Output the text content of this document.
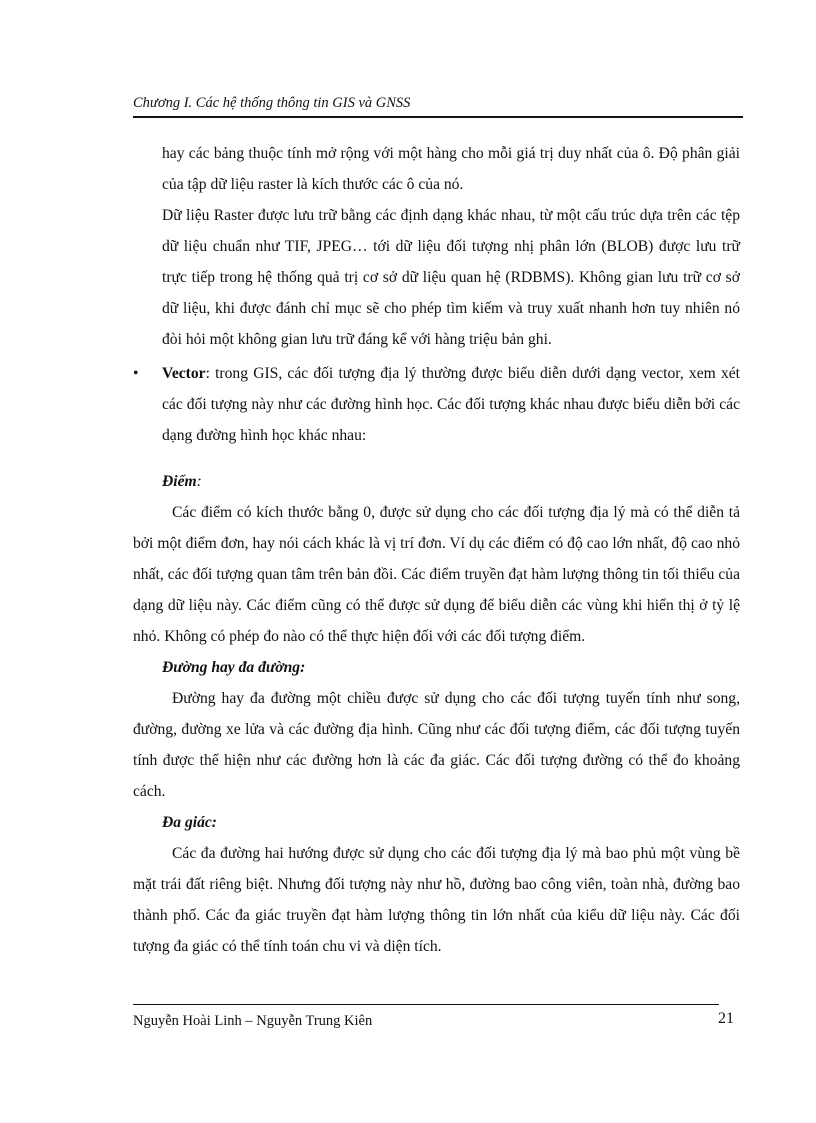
Chương I. Các hệ thống thông tin GIS và GNSS

hay các bảng thuộc tính mở rộng với một hàng cho mỗi giá trị duy nhất của ô. Độ phân giải của tập dữ liệu raster là kích thước các ô của nó.

Dữ liệu Raster được lưu trữ bằng các định dạng khác nhau, từ một cấu trúc dựa trên các tệp dữ liệu chuẩn như TIF, JPEG… tới dữ liệu đối tượng nhị phân lớn (BLOB) được lưu trữ trực tiếp trong hệ thống quả trị cơ sở dữ liệu quan hệ (RDBMS). Không gian lưu trữ cơ sở dữ liệu, khi được đánh chỉ mục sẽ cho phép tìm kiếm và truy xuất nhanh hơn tuy nhiên nó đòi hỏi một không gian lưu trữ đáng kể với hàng triệu bản ghi.

• Vector: trong GIS, các đối tượng địa lý thường được biểu diễn dưới dạng vector, xem xét các đối tượng này như các đường hình học. Các đối tượng khác nhau được biểu diễn bởi các dạng đường hình học khác nhau:

Điểm:

Các điểm có kích thước bằng 0, được sử dụng cho các đối tượng địa lý mà có thể diễn tả bởi một điểm đơn, hay nói cách khác là vị trí đơn. Ví dụ các điểm có độ cao lớn nhất, độ cao nhỏ nhất, các đối tượng quan tâm trên bản đồi. Các điểm truyền đạt hàm lượng thông tin tối thiểu của dạng dữ liệu này. Các điểm cũng có thể được sử dụng để biểu diễn các vùng khi hiển thị ở tỷ lệ nhỏ. Không có phép đo nào có thể thực hiện đối với các đối tượng điểm.

Đường hay đa đường:

Đường hay đa đường một chiều được sử dụng cho các đối tượng tuyến tính như song, đường, đường xe lửa và các đường địa hình. Cũng như các đối tượng điểm, các đối tượng tuyến tính được thể hiện như các đường hơn là các đa giác. Các đối tượng đường có thể đo khoảng cách.

Đa giác:

Các đa đường hai hướng được sử dụng cho các đối tượng địa lý mà bao phủ một vùng bề mặt trái đất riêng biệt. Nhưng đối tượng này như hồ, đường bao công viên, toàn nhà, đường bao thành phố. Các đa giác truyền đạt hàm lượng thông tin lớn nhất của kiểu dữ liệu này. Các đối tượng đa giác có thể tính toán chu vi và diện tích.

Nguyễn Hoài Linh – Nguyễn Trung Kiên	21
